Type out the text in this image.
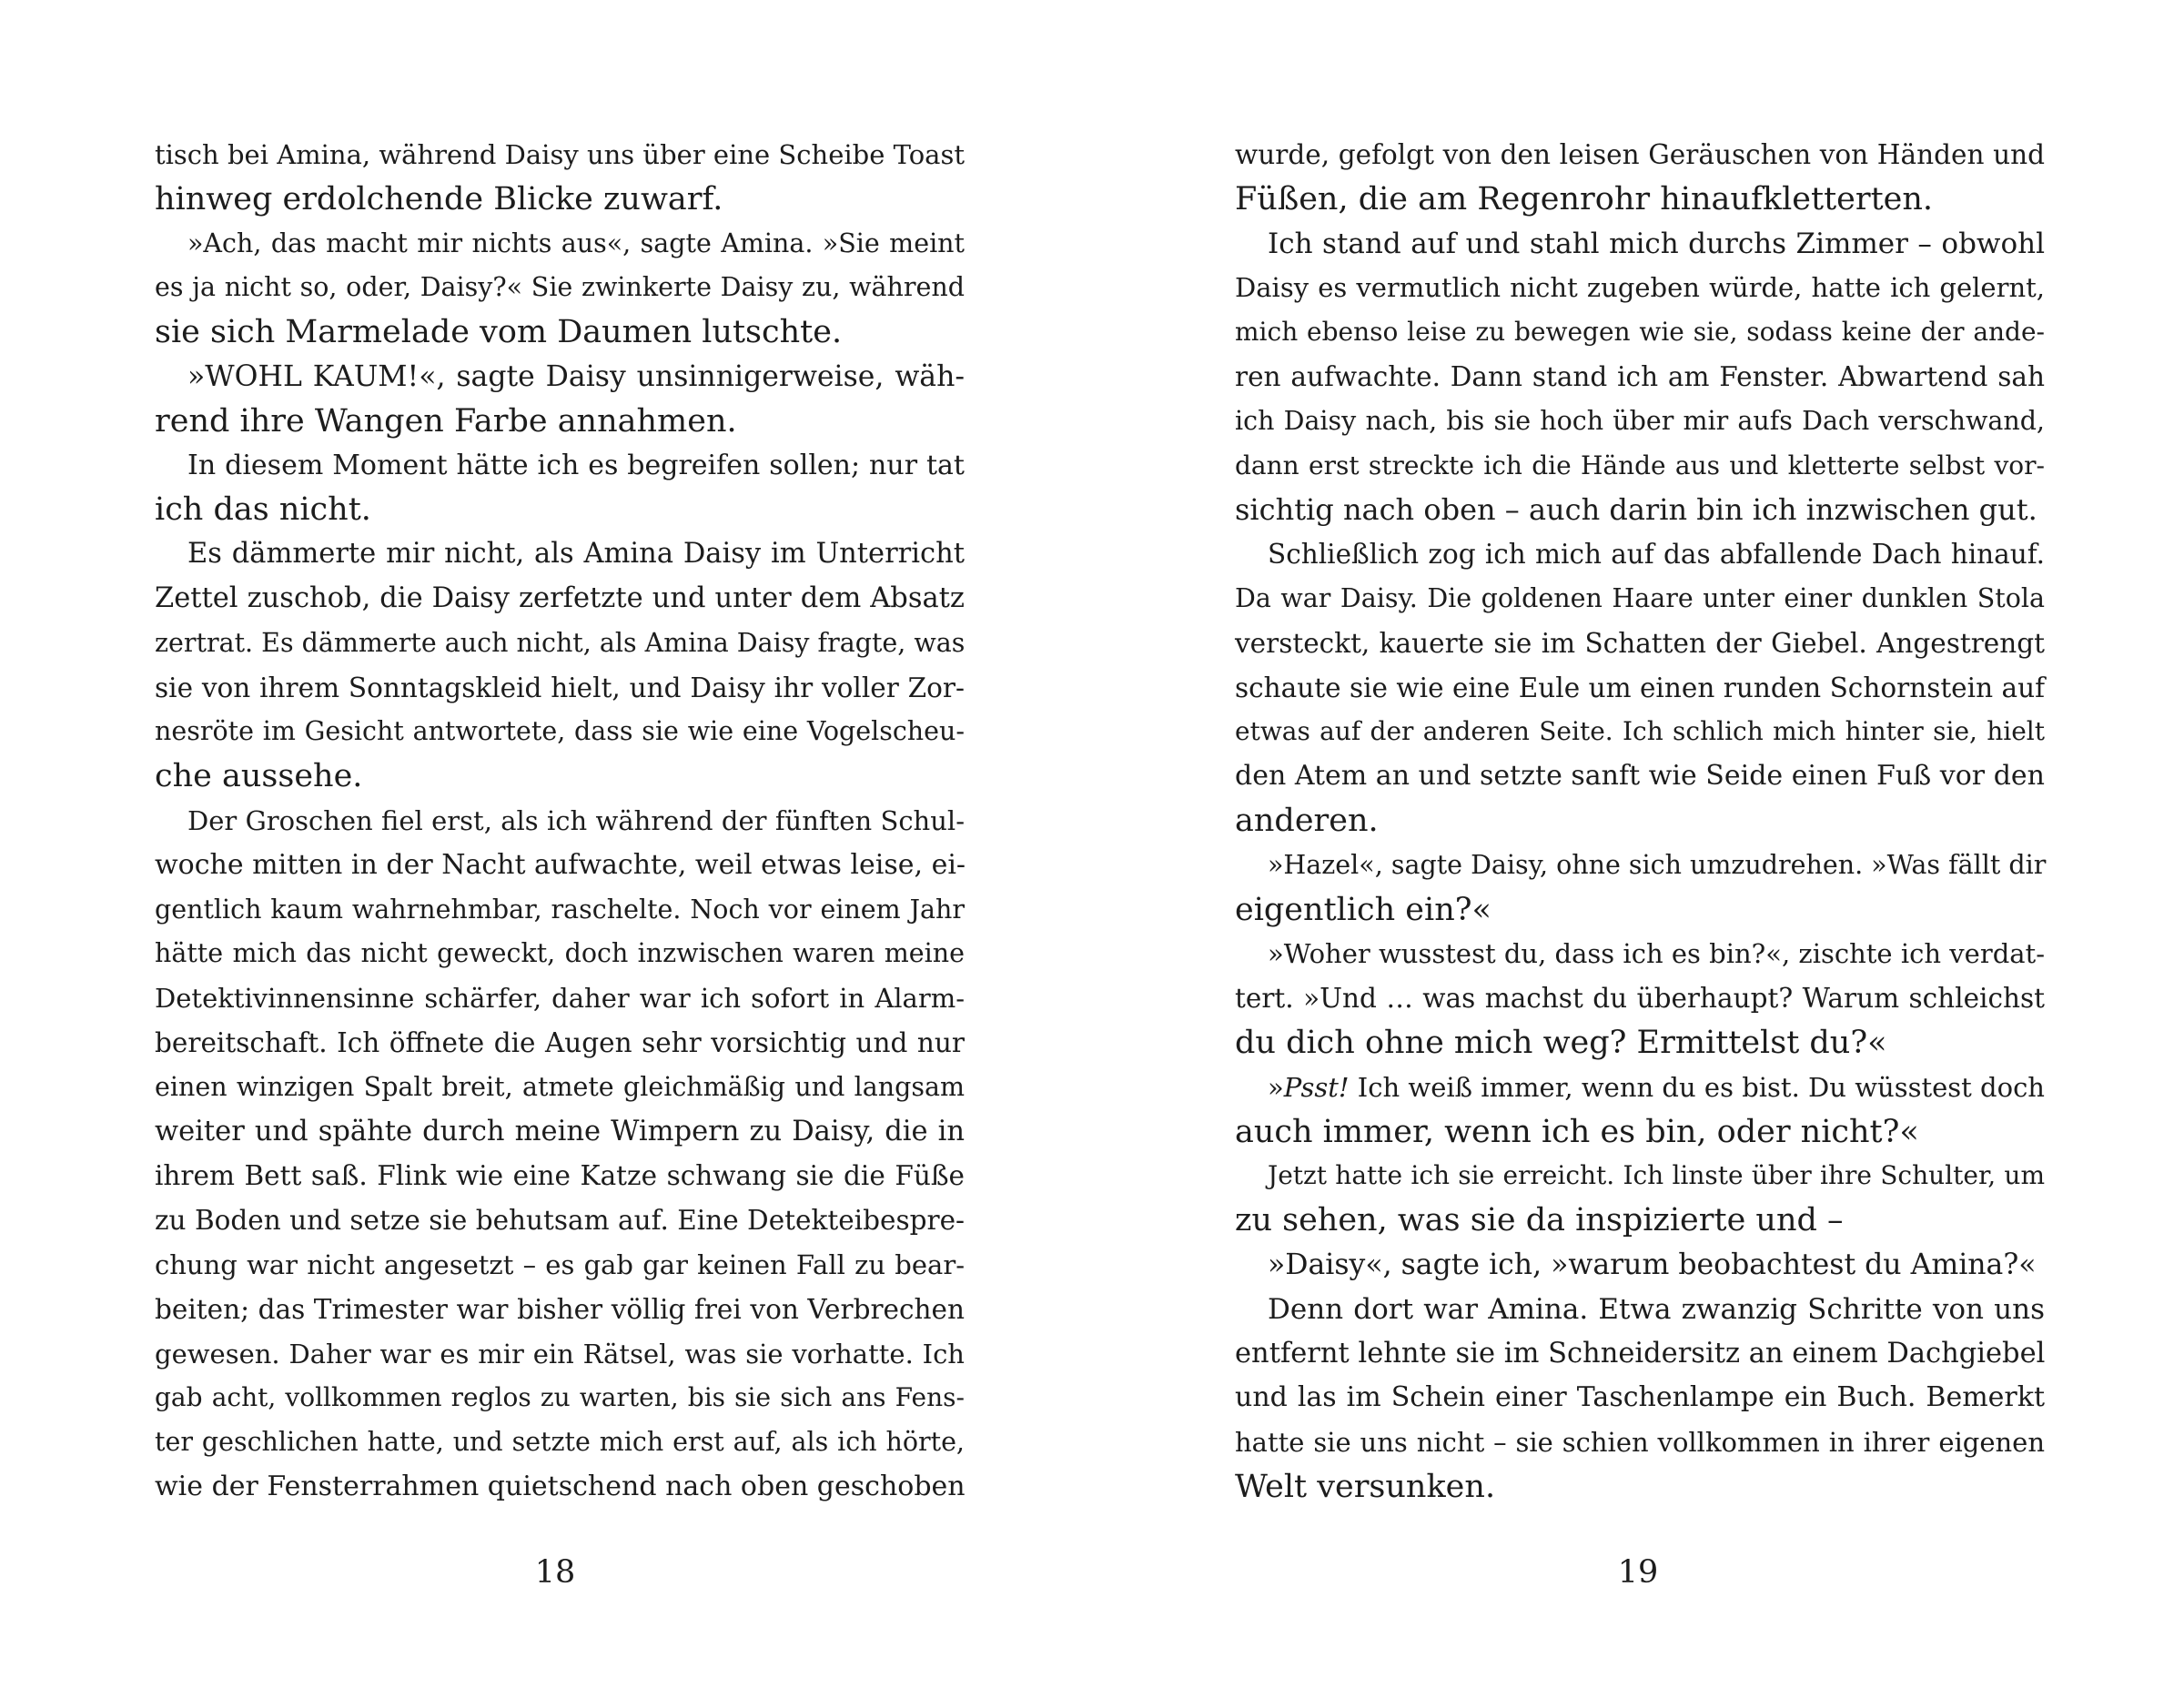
tisch bei Amina, während Daisy uns über eine Scheibe Toast
hinweg erdolchende Blicke zuwarf.
»Ach, das macht mir nichts aus«, sagte Amina. »Sie meint
es ja nicht so, oder, Daisy?« Sie zwinkerte Daisy zu, während
sie sich Marmelade vom Daumen lutschte.
»WOHL KAUM!«, sagte Daisy unsinnigerweise, wäh-
rend ihre Wangen Farbe annahmen.
In diesem Moment hätte ich es begreifen sollen; nur tat
ich das nicht.
Es dämmerte mir nicht, als Amina Daisy im Unterricht
Zettel zuschob, die Daisy zerfetzte und unter dem Absatz
zertrat. Es dämmerte auch nicht, als Amina Daisy fragte, was
sie von ihrem Sonntagskleid hielt, und Daisy ihr voller Zor-
nesröte im Gesicht antwortete, dass sie wie eine Vogelscheu-
che aussehe.
Der Groschen fiel erst, als ich während der fünften Schul-
woche mitten in der Nacht aufwachte, weil etwas leise, ei-
gentlich kaum wahrnehmbar, raschelte. Noch vor einem Jahr
hätte mich das nicht geweckt, doch inzwischen waren meine
Detektivinnensinne schärfer, daher war ich sofort in Alarm-
bereitschaft. Ich öffnete die Augen sehr vorsichtig und nur
einen winzigen Spalt breit, atmete gleichmäßig und langsam
weiter und spähte durch meine Wimpern zu Daisy, die in
ihrem Bett saß. Flink wie eine Katze schwang sie die Füße
zu Boden und setze sie behutsam auf. Eine Detekteibespre-
chung war nicht angesetzt – es gab gar keinen Fall zu bear-
beiten; das Trimester war bisher völlig frei von Verbrechen
gewesen. Daher war es mir ein Rätsel, was sie vorhatte. Ich
gab acht, vollkommen reglos zu warten, bis sie sich ans Fens-
ter geschlichen hatte, und setzte mich erst auf, als ich hörte,
wie der Fensterrahmen quietschend nach oben geschoben
wurde, gefolgt von den leisen Geräuschen von Händen und
Füßen, die am Regenrohr hinaufkletterten.
Ich stand auf und stahl mich durchs Zimmer – obwohl
Daisy es vermutlich nicht zugeben würde, hatte ich gelernt,
mich ebenso leise zu bewegen wie sie, sodass keine der ande-
ren aufwachte. Dann stand ich am Fenster. Abwartend sah
ich Daisy nach, bis sie hoch über mir aufs Dach verschwand,
dann erst streckte ich die Hände aus und kletterte selbst vor-
sichtig nach oben – auch darin bin ich inzwischen gut.
Schließlich zog ich mich auf das abfallende Dach hinauf.
Da war Daisy. Die goldenen Haare unter einer dunklen Stola
versteckt, kauerte sie im Schatten der Giebel. Angestrengt
schaute sie wie eine Eule um einen runden Schornstein auf
etwas auf der anderen Seite. Ich schlich mich hinter sie, hielt
den Atem an und setzte sanft wie Seide einen Fuß vor den
anderen.
»Hazel«, sagte Daisy, ohne sich umzudrehen. »Was fällt dir
eigentlich ein?«
»Woher wusstest du, dass ich es bin?«, zischte ich verdat-
tert. »Und … was machst du überhaupt? Warum schleichst
du dich ohne mich weg? Ermittelst du?«
»Psst! Ich weiß immer, wenn du es bist. Du wüsstest doch
auch immer, wenn ich es bin, oder nicht?«
Jetzt hatte ich sie erreicht. Ich linste über ihre Schulter, um
zu sehen, was sie da inspizierte und –
»Daisy«, sagte ich, »warum beobachtest du Amina?«
Denn dort war Amina. Etwa zwanzig Schritte von uns
entfernt lehnte sie im Schneidersitz an einem Dachgiebel
und las im Schein einer Taschenlampe ein Buch. Bemerkt
hatte sie uns nicht – sie schien vollkommen in ihrer eigenen
Welt versunken.
18	19
